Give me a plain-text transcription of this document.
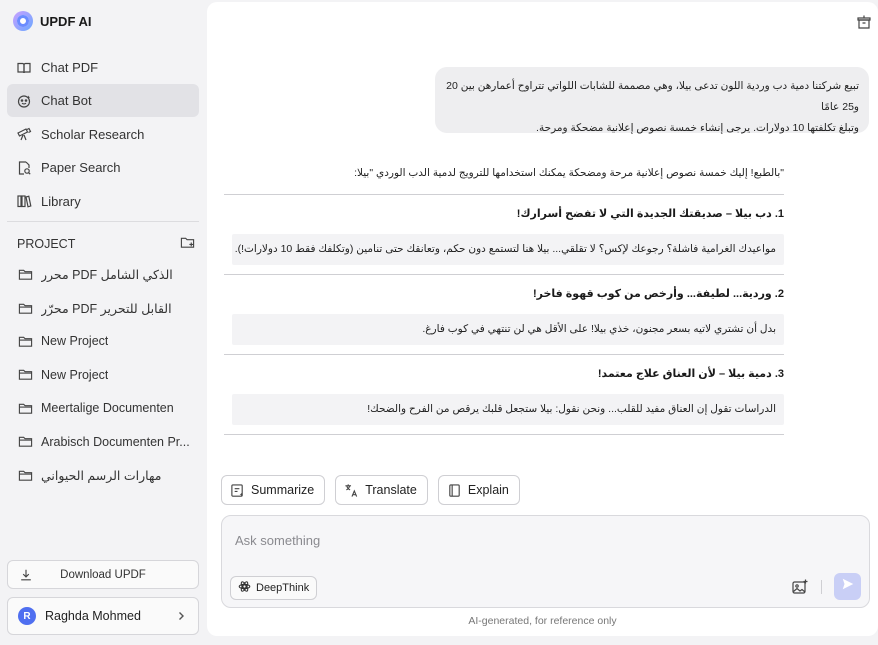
UPDF AI
Chat PDF
Chat Bot
Scholar Research
Paper Search
Library
PROJECT
محرر PDF الذكي الشامل
محرّر PDF القابل للتحرير
New Project
New Project
Meertalige Documenten
Arabisch Documenten Pr...
مهارات الرسم الحيواني
Download UPDF
R	Raghda Mohmed
تبيع شركتنا دمية دب وردية اللون تدعى بيلا، وهي مصممة للشابات اللواتي تتراوح أعمارهن بين 20 و25 عامًا
وتبلغ تكلفتها 10 دولارات. يرجى إنشاء خمسة نصوص إعلانية مضحكة ومرحة.
"بالطبع! إليك خمسة نصوص إعلانية مرحة ومضحكة يمكنك استخدامها للترويج لدمية الدب الوردي "بيلا:
1. دب بيلا – صديقتك الجديدة التي لا تفضح أسرارك!
مواعيدك الغرامية فاشلة؟ رجوعك لإكس؟ لا تقلقي... بيلا هنا لتستمع دون حكم، وتعانقك حتى تنامين (وتكلفك فقط 10 دولارات!).
2. وردية... لطيفة... وأرخص من كوب قهوة فاخر!
بدل أن تشتري لاتيه بسعر مجنون، خذي بيلا! على الأقل هي لن تنتهي في كوب فارغ.
3. دمية بيلا – لأن العناق علاج معتمد!
الدراسات تقول إن العناق مفيد للقلب... ونحن نقول: بيلا ستجعل قلبك يرقص من الفرح والضحك!
Summarize	Translate	Explain
Ask something
DeepThink
AI-generated, for reference only
